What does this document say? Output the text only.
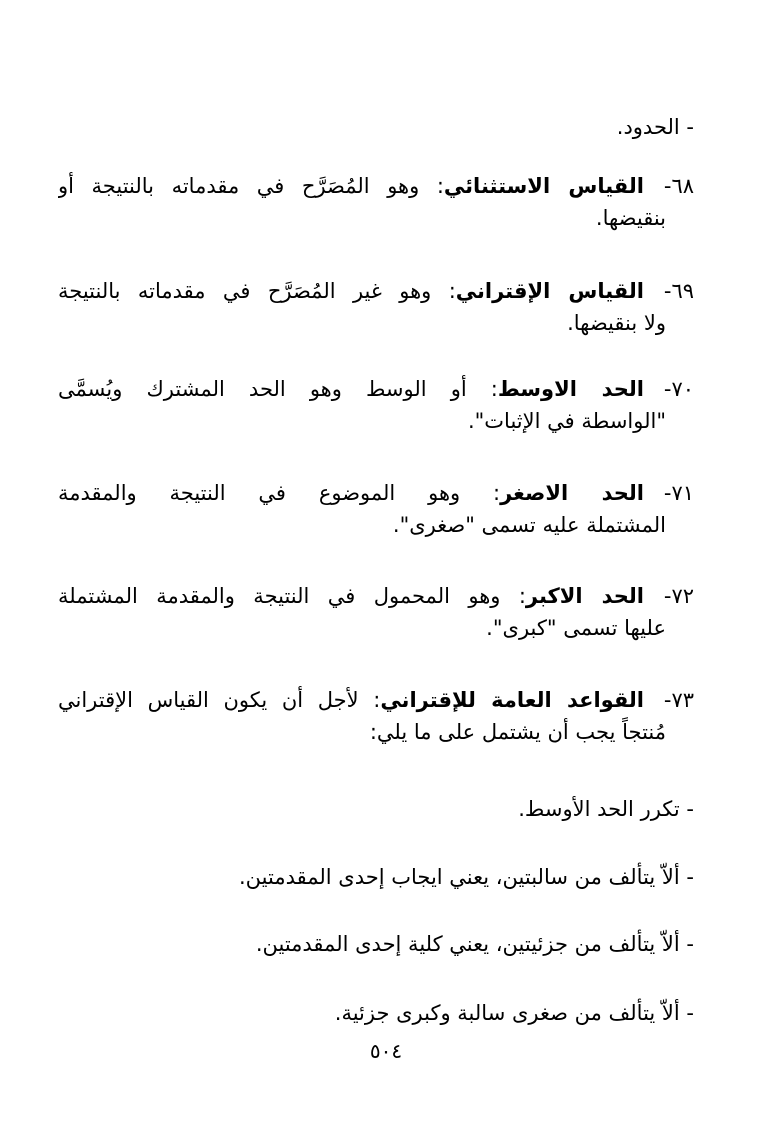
- الحدود.
٦٨-
القياس الاستثنائي: وهو المُصَرَّح في مقدماته بالنتيجة أو
بنقيضها.
٦٩-
القياس الإقتراني: وهو غير المُصَرَّح في مقدماته بالنتيجة
ولا بنقيضها.
٧٠-
الحد الاوسط: أو الوسط وهو الحد المشترك ويُسمَّى
"الواسطة في الإثبات".
٧١-
الحد الاصغر: وهو الموضوع في النتيجة والمقدمة
المشتملة عليه تسمى "صغرى".
٧٢-
الحد الاكبر: وهو المحمول في النتيجة والمقدمة المشتملة
عليها تسمى "كبرى".
٧٣-
القواعد العامة للإقتراني: لأجل أن يكون القياس الإقتراني
مُنتجاً يجب أن يشتمل على ما يلي:
- تكرر الحد الأوسط.
- ألاّ يتألف من سالبتين، يعني ايجاب إحدى المقدمتين.
- ألاّ يتألف من جزئيتين، يعني كلية إحدى المقدمتين.
- ألاّ يتألف من صغرى سالبة وكبرى جزئية.
٥٠٤
